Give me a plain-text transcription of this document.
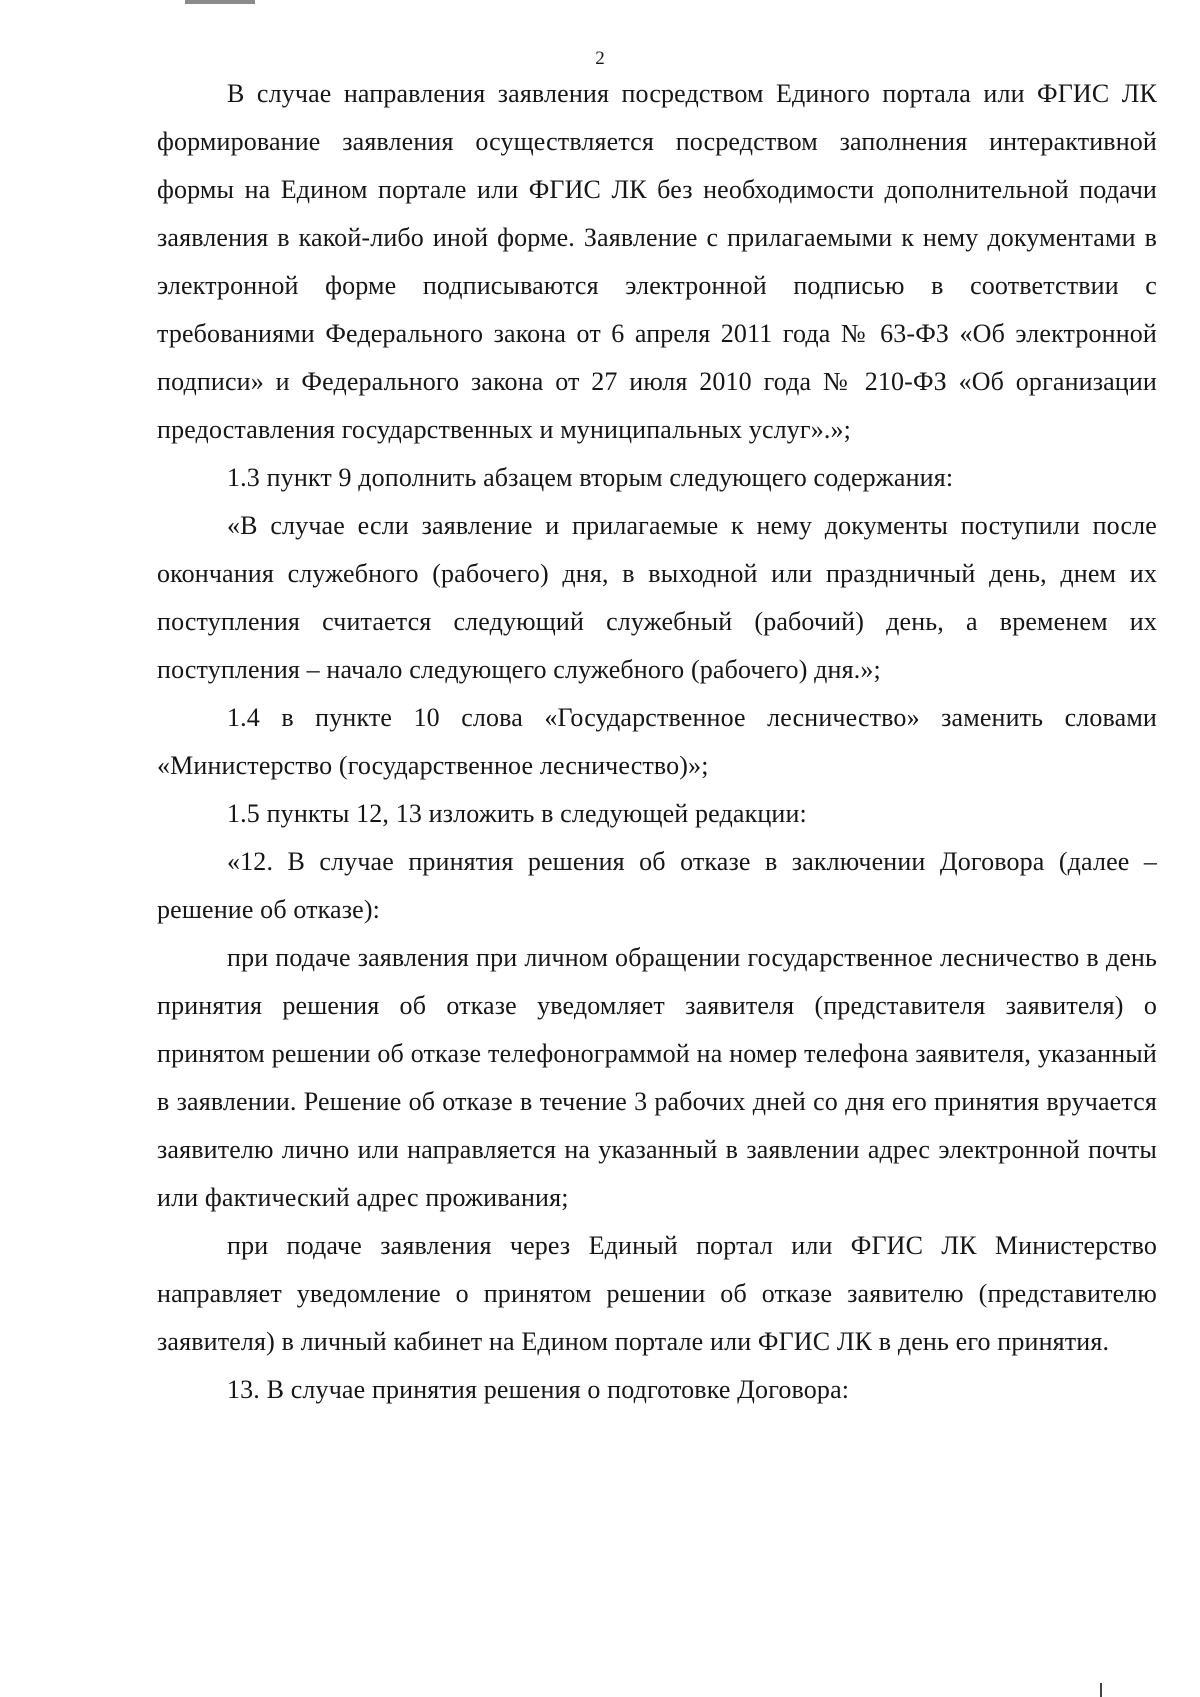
2

В случае направления заявления посредством Единого портала или ФГИС ЛК формирование заявления осуществляется посредством заполнения интерактивной формы на Едином портале или ФГИС ЛК без необходимости дополнительной подачи заявления в какой-либо иной форме. Заявление с прилагаемыми к нему документами в электронной форме подписываются электронной подписью в соответствии с требованиями Федерального закона от 6 апреля 2011 года № 63-ФЗ «Об электронной подписи» и Федерального закона от 27 июля 2010 года № 210-ФЗ «Об организации предоставления государственных и муниципальных услуг».»;

1.3 пункт 9 дополнить абзацем вторым следующего содержания:

«В случае если заявление и прилагаемые к нему документы поступили после окончания служебного (рабочего) дня, в выходной или праздничный день, днем их поступления считается следующий служебный (рабочий) день, а временем их поступления – начало следующего служебного (рабочего) дня.»;

1.4 в пункте 10 слова «Государственное лесничество» заменить словами «Министерство (государственное лесничество)»;

1.5 пункты 12, 13 изложить в следующей редакции:

«12. В случае принятия решения об отказе в заключении Договора (далее – решение об отказе):

при подаче заявления при личном обращении государственное лесничество в день принятия решения об отказе уведомляет заявителя (представителя заявителя) о принятом решении об отказе телефонограммой на номер телефона заявителя, указанный в заявлении. Решение об отказе в течение 3 рабочих дней со дня его принятия вручается заявителю лично или направляется на указанный в заявлении адрес электронной почты или фактический адрес проживания;

при подаче заявления через Единый портал или ФГИС ЛК Министерство направляет уведомление о принятом решении об отказе заявителю (представителю заявителя) в личный кабинет на Едином портале или ФГИС ЛК в день его принятия.

13. В случае принятия решения о подготовке Договора:
